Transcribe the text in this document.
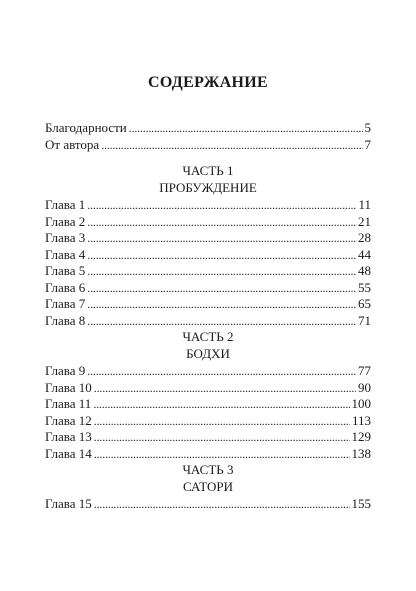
СОДЕРЖАНИЕ
Благодарности . . .	5
От автора . . .	7
ЧАСТЬ 1
ПРОБУЖДЕНИЕ
Глава 1 . . .	11
Глава 2 . . .	21
Глава 3 . . .	28
Глава 4 . . .	44
Глава 5 . . .	48
Глава 6 . . .	55
Глава 7 . . .	65
Глава 8 . . .	71
ЧАСТЬ 2
БОДХИ
Глава 9 . . .	77
Глава 10 . . .	90
Глава 11 . . .	100
Глава 12 . . .	113
Глава 13 . . .	129
Глава 14 . . .	138
ЧАСТЬ 3
САТОРИ
Глава 15 . . .	155
